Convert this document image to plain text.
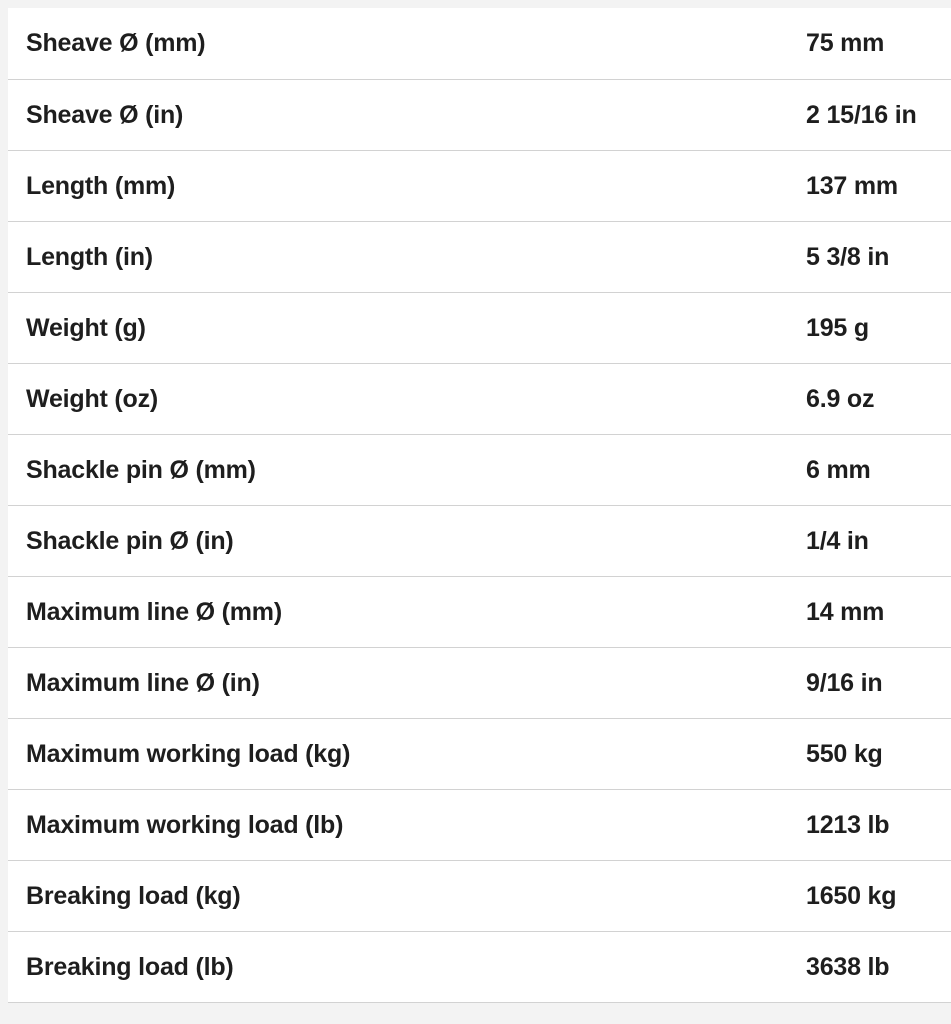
Sheave Ø (mm)	75 mm
Sheave Ø (in)	2 15/16 in
Length (mm)	137 mm
Length (in)	5 3/8 in
Weight (g)	195 g
Weight (oz)	6.9 oz
Shackle pin Ø (mm)	6 mm
Shackle pin Ø (in)	1/4 in
Maximum line Ø (mm)	14 mm
Maximum line Ø (in)	9/16 in
Maximum working load (kg)	550 kg
Maximum working load (lb)	1213 lb
Breaking load (kg)	1650 kg
Breaking load (lb)	3638 lb
